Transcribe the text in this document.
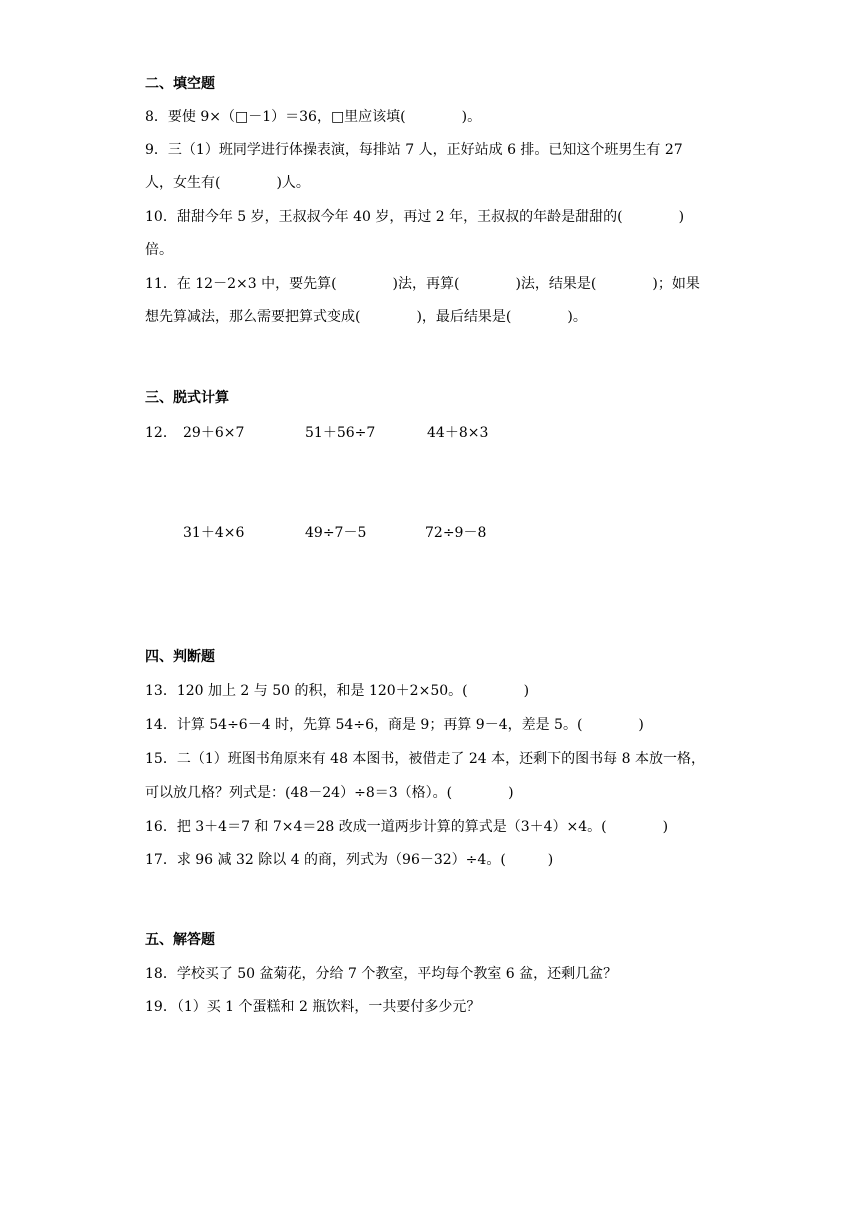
二、填空题
8．要使 9×（□－1）＝36，□里应该填(　　　　)。
9．三（1）班同学进行体操表演，每排站 7 人，正好站成 6 排。已知这个班男生有 27
人，女生有(　　　　)人。
10．甜甜今年 5 岁，王叔叔今年 40 岁，再过 2 年，王叔叔的年龄是甜甜的(　　　　)
倍。
11．在 12－2×3 中，要先算(　　　　)法，再算(　　　　)法，结果是(　　　　)；如果
想先算减法，那么需要把算式变成(　　　　)，最后结果是(　　　　)。
三、脱式计算
12． 29＋6×7	51＋56÷7	44＋8×3
31＋4×6	49÷7－5	72÷9－8
四、判断题
13．120 加上 2 与 50 的积，和是 120＋2×50。(　　　　)
14．计算 54÷6－4 时，先算 54÷6，商是 9；再算 9－4，差是 5。(　　　　)
15．二（1）班图书角原来有 48 本图书，被借走了 24 本，还剩下的图书每 8 本放一格，
可以放几格？列式是：(48－24）÷8＝3（格）。(　　　　)
16．把 3＋4＝7 和 7×4＝28 改成一道两步计算的算式是（3＋4）×4。(　　　　)
17．求 96 减 32 除以 4 的商，列式为（96－32）÷4。(　　　)
五、解答题
18．学校买了 50 盆菊花，分给 7 个教室，平均每个教室 6 盆，还剩几盆？
19．（1）买 1 个蛋糕和 2 瓶饮料，一共要付多少元？
